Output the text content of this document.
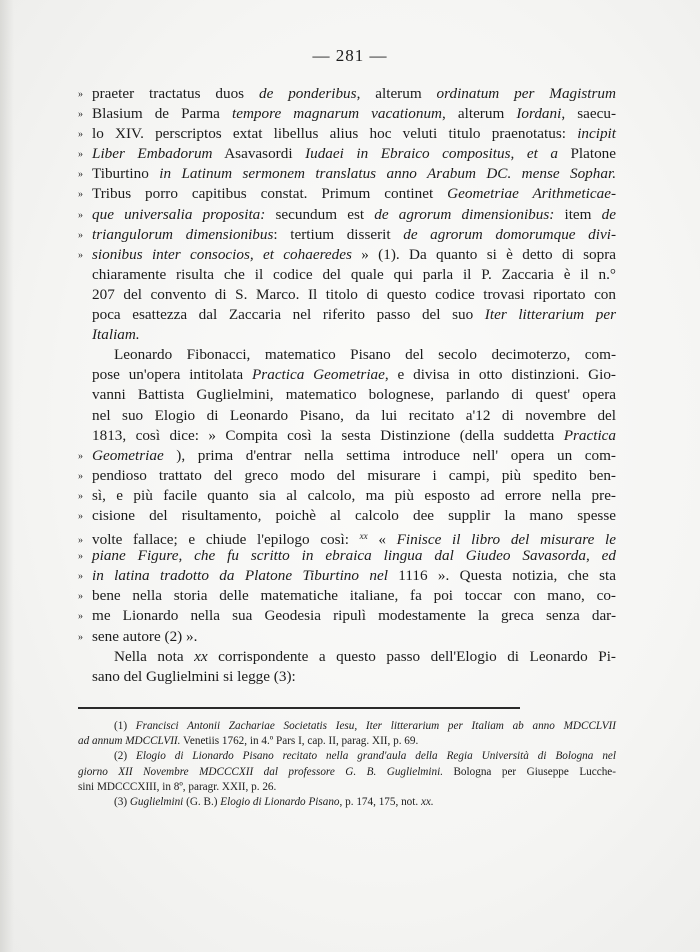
— 281 —
» praeter tractatus duos de ponderibus, alterum ordinatum per Magistrum
» Blasium de Parma tempore magnarum vacationum, alterum Iordani, saecu-
» lo XIV. perscriptos extat libellus alius hoc veluti titulo praenotatus: incipit
» Liber Embadorum Asavasordi Iudaei in Ebraico compositus, et a Platone
» Tiburtino in Latinum sermonem translatus anno Arabum DC. mense Sophar.
» Tribus porro capitibus constat. Primum continet Geometriae Arithmeticae-
» que universalia proposita: secundum est de agrorum dimensionibus: item de
» triangulorum dimensionibus: tertium disserit de agrorum domorumque divi-
» sionibus inter consocios, et cohaeredes » (1). Da quanto si è detto di sopra
chiaramente risulta che il codice del quale qui parla il P. Zaccaria è il n.°
207 del convento di S. Marco. Il titolo di questo codice trovasi riportato con
poca esattezza dal Zaccaria nel riferito passo del suo Iter litterarium per
Italiam.
Leonardo Fibonacci, matematico Pisano del secolo decimoterzo, com-
pose un'opera intitolata Practica Geometriae, e divisa in otto distinzioni. Gio-
vanni Battista Guglielmini, matematico bolognese, parlando di quest' opera
nel suo Elogio di Leonardo Pisano, da lui recitato a'12 di novembre del
1813, così dice: » Compita così la sesta Distinzione (della suddetta Practica
» Geometriae ), prima d'entrar nella settima introduce nell' opera un com-
» pendioso trattato del greco modo del misurare i campi, più spedito ben-
» sì, e più facile quanto sia al calcolo, ma più esposto ad errore nella pre-
» cisione del risultamento, poichè al calcolo dee supplir la mano spesse
» volte fallace; e chiude l'epilogo così: $^{xx}$ « Finisce il libro del misurare le
» piane Figure, che fu scritto in ebraica lingua dal Giudeo Savasorda, ed
» in latina tradotto da Platone Tiburtino nel 1116 ». Questa notizia, che sta
» bene nella storia delle matematiche italiane, fa poi toccar con mano, co-
» me Lionardo nella sua Geodesia ripulì modestamente la greca senza dar-
» sene autore (2) ».
Nella nota xx corrispondente a questo passo dell'Elogio di Leonardo Pi-
sano del Guglielmini si legge (3):
(1) Francisci Antonii Zachariae Societatis Iesu, Iter litterarium per Italiam ab anno MDCCLVII
ad annum MDCCLVII. Venetiis 1762, in 4.º Pars I, cap. II, parag. XII, p. 69.
(2) Elogio di Lionardo Pisano recitato nella grand'aula della Regia Università di Bologna nel
giorno XII Novembre MDCCCXII dal professore G. B. Guglielmini. Bologna per Giuseppe Lucche-
sini MDCCCXIII, in 8º, paragr. XXII, p. 26.
(3) Guglielmini (G. B.) Elogio di Lionardo Pisano, p. 174, 175, not. xx.
